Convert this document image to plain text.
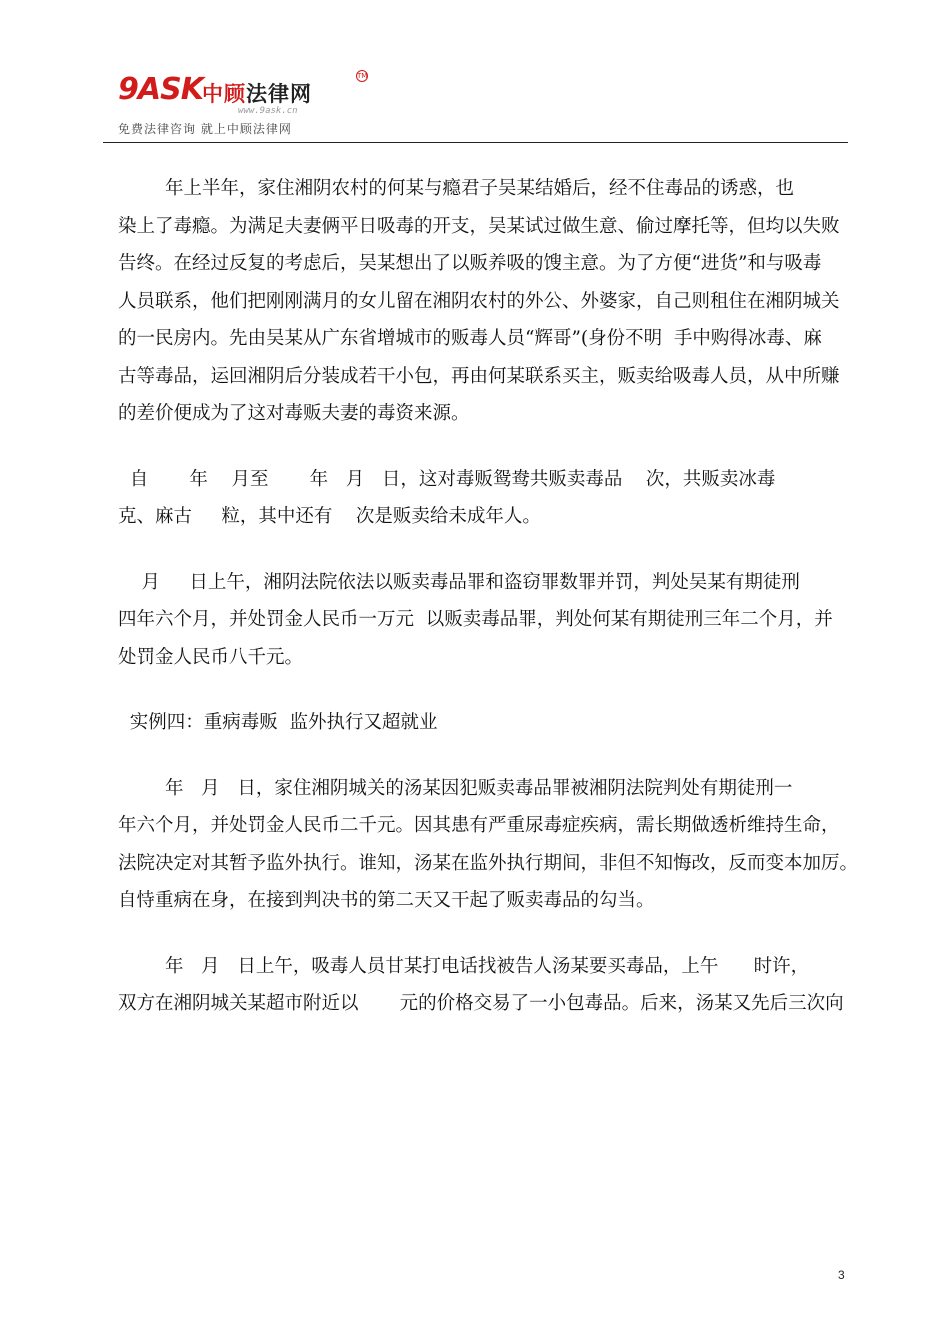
9ASK 中顾法律网
TM
www.9ask.cn
免费法律咨询 就上中顾法律网
年上半年，家住湘阴农村的何某与瘾君子吴某结婚后，经不住毒品的诱惑，也
染上了毒瘾。为满足夫妻俩平日吸毒的开支，吴某试过做生意、偷过摩托等，但均以失败
告终。在经过反复的考虑后，吴某想出了以贩养吸的馊主意。为了方便“进货”和与吸毒
人员联系，他们把刚刚满月的女儿留在湘阴农村的外公、外婆家，自己则租住在湘阴城关
的一民房内。先由吴某从广东省增城市的贩毒人员“辉哥”(身份不明  手中购得冰毒、麻
古等毒品，运回湘阴后分装成若干小包，再由何某联系买主，贩卖给吸毒人员，从中所赚
的差价便成为了这对毒贩夫妻的毒资来源。
自       年    月至       年   月   日，这对毒贩鸳鸯共贩卖毒品    次，共贩卖冰毒
克、麻古     粒，其中还有    次是贩卖给未成年人。
月     日上午，湘阴法院依法以贩卖毒品罪和盗窃罪数罪并罚，判处吴某有期徒刑
四年六个月，并处罚金人民币一万元  以贩卖毒品罪，判处何某有期徒刑三年二个月，并
处罚金人民币八千元。
实例四：重病毒贩  监外执行又超就业
年   月   日，家住湘阴城关的汤某因犯贩卖毒品罪被湘阴法院判处有期徒刑一
年六个月，并处罚金人民币二千元。因其患有严重尿毒症疾病，需长期做透析维持生命，
法院决定对其暂予监外执行。谁知，汤某在监外执行期间，非但不知悔改，反而变本加厉。
自恃重病在身，在接到判决书的第二天又干起了贩卖毒品的勾当。
年   月   日上午，吸毒人员甘某打电话找被告人汤某要买毒品，上午      时许，
双方在湘阴城关某超市附近以       元的价格交易了一小包毒品。后来，汤某又先后三次向
3
